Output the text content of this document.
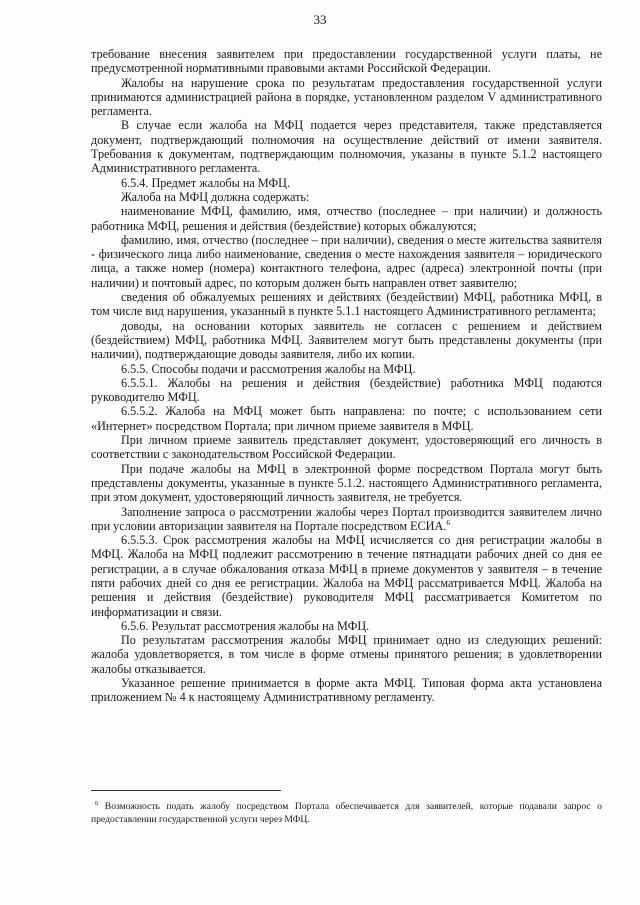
33

требование внесения заявителем при предоставлении государственной услуги платы, не предусмотренной нормативными правовыми актами Российской Федерации.

Жалобы на нарушение срока по результатам предоставления государственной услуги принимаются администрацией района в порядке, установленном разделом V административного регламента.

В случае если жалоба на МФЦ подается через представителя, также представляется документ, подтверждающий полномочия на осуществление действий от имени заявителя. Требования к документам, подтверждающим полномочия, указаны в пункте 5.1.2 настоящего Административного регламента.

6.5.4. Предмет жалобы на МФЦ.

Жалоба на МФЦ должна содержать:

наименование МФЦ, фамилию, имя, отчество (последнее – при наличии) и должность работника МФЦ, решения и действия (бездействие) которых обжалуются;

фамилию, имя, отчество (последнее – при наличии), сведения о месте жительства заявителя - физического лица либо наименование, сведения о месте нахождения заявителя – юридического лица, а также номер (номера) контактного телефона, адрес (адреса) электронной почты (при наличии) и почтовый адрес, по которым должен быть направлен ответ заявителю;

сведения об обжалуемых решениях и действиях (бездействии) МФЦ, работника МФЦ, в том числе вид нарушения, указанный в пункте 5.1.1 настоящего Административного регламента;

доводы, на основании которых заявитель не согласен с решением и действием (бездействием) МФЦ, работника МФЦ. Заявителем могут быть представлены документы (при наличии), подтверждающие доводы заявителя, либо их копии.

6.5.5. Способы подачи и рассмотрения жалобы на МФЦ.

6.5.5.1. Жалобы на решения и действия (бездействие) работника МФЦ подаются руководителю МФЦ.

6.5.5.2. Жалоба на МФЦ может быть направлена: по почте; с использованием сети «Интернет» посредством Портала; при личном приеме заявителя в МФЦ.

При личном приеме заявитель представляет документ, удостоверяющий его личность в соответствии с законодательством Российской Федерации.

При подаче жалобы на МФЦ в электронной форме посредством Портала могут быть представлены документы, указанные в пункте 5.1.2. настоящего Административного регламента, при этом документ, удостоверяющий личность заявителя, не требуется.

Заполнение запроса о рассмотрении жалобы через Портал производится заявителем лично при условии авторизации заявителя на Портале посредством ЕСИА.$^6$

6.5.5.3. Срок рассмотрения жалобы на МФЦ исчисляется со дня регистрации жалобы в МФЦ. Жалоба на МФЦ подлежит рассмотрению в течение пятнадцати рабочих дней со дня ее регистрации, а в случае обжалования отказа МФЦ в приеме документов у заявителя – в течение пяти рабочих дней со дня ее регистрации. Жалоба на МФЦ рассматривается МФЦ. Жалоба на решения и действия (бездействие) руководителя МФЦ рассматривается Комитетом по информатизации и связи.

6.5.6. Результат рассмотрения жалобы на МФЦ.

По результатам рассмотрения жалобы МФЦ принимает одно из следующих решений: жалоба удовлетворяется, в том числе в форме отмены принятого решения; в удовлетворении жалобы отказывается.

Указанное решение принимается в форме акта МФЦ. Типовая форма акта установлена приложением № 4 к настоящему Административному регламенту.

$^6$ Возможность подать жалобу посредством Портала обеспечивается для заявителей, которые подавали запрос о предоставлении государственной услуги через МФЦ.
